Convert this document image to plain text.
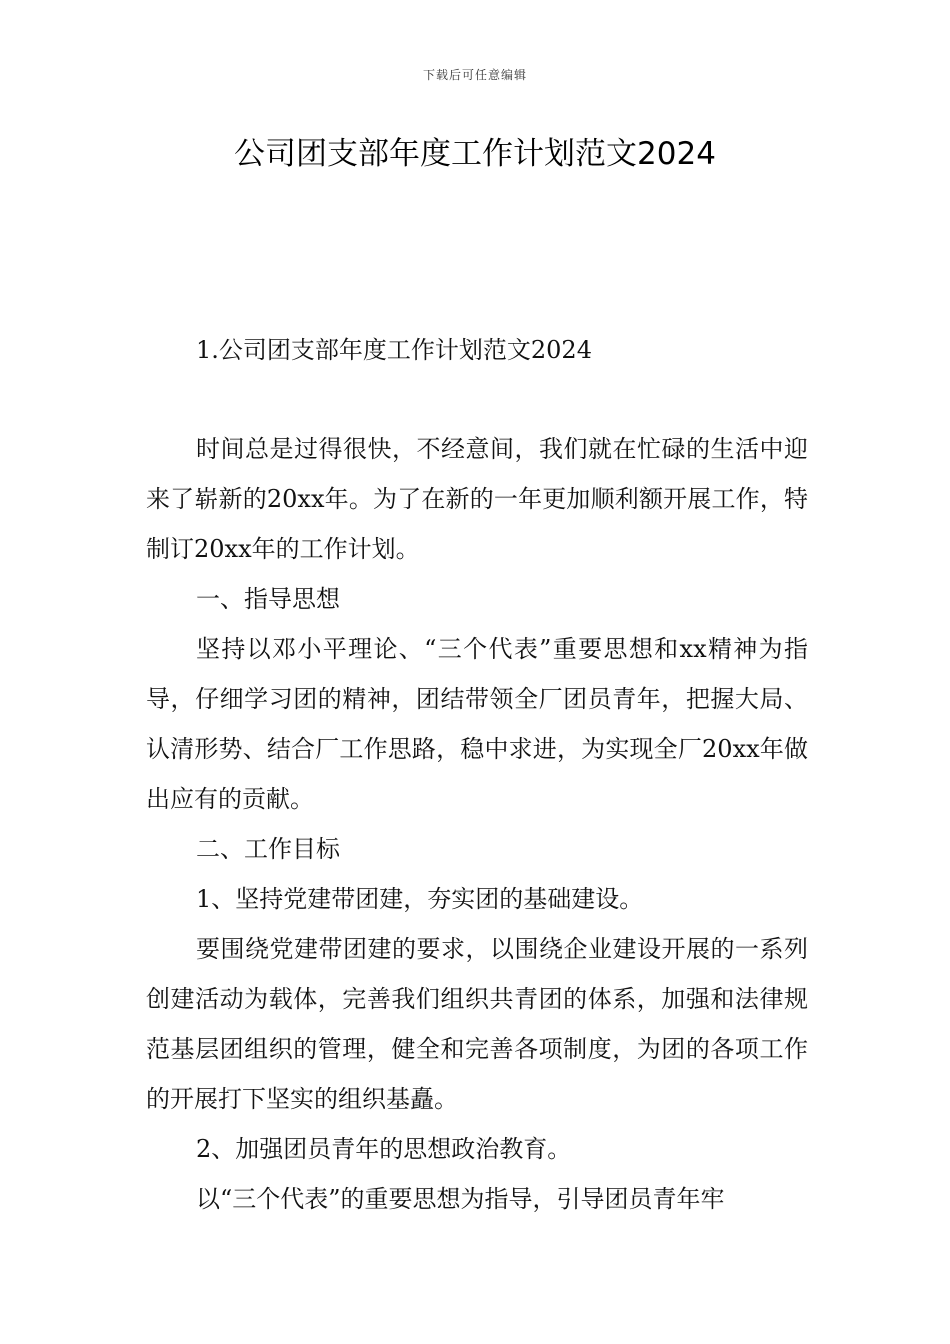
下载后可任意编辑
公司团支部年度工作计划范文2024
1.公司团支部年度工作计划范文2024

时间总是过得很快，不经意间，我们就在忙碌的生活中迎来了崭新的20xx年。为了在新的一年更加顺利额开展工作，特制订20xx年的工作计划。

一、指导思想

坚持以邓小平理论、“三个代表”重要思想和xx精神为指导，仔细学习团的精神，团结带领全厂团员青年，把握大局、认清形势、结合厂工作思路，稳中求进，为实现全厂20xx年做出应有的贡献。

二、工作目标

1、坚持党建带团建，夯实团的基础建设。

要围绕党建带团建的要求，以围绕企业建设开展的一系列创建活动为载体，完善我们组织共青团的体系，加强和法律规范基层团组织的管理，健全和完善各项制度，为团的各项工作的开展打下坚实的组织基矗。

2、加强团员青年的思想政治教育。

以“三个代表”的重要思想为指导，引导团员青年牢
